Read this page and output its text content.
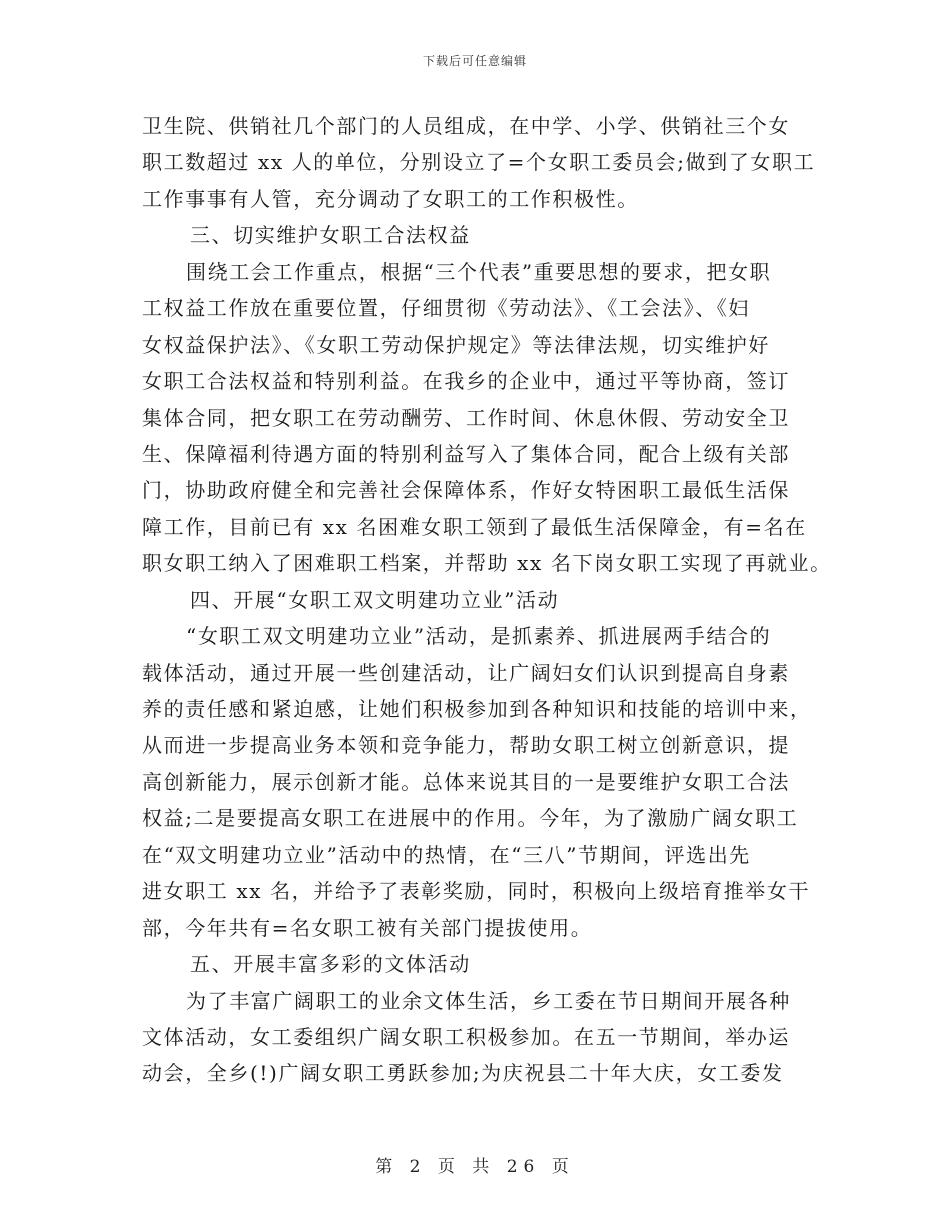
下载后可任意编辑
卫生院、供销社几个部门的人员组成，在中学、小学、供销社三个女
职工数超过 xx 人的单位，分别设立了=个女职工委员会;做到了女职工
工作事事有人管，充分调动了女职工的工作积极性。
三、切实维护女职工合法权益
围绕工会工作重点，根据“三个代表”重要思想的要求，把女职
工权益工作放在重要位置，仔细贯彻《劳动法》、《工会法》、《妇
女权益保护法》、《女职工劳动保护规定》等法律法规，切实维护好
女职工合法权益和特别利益。在我乡的企业中，通过平等协商，签订
集体合同，把女职工在劳动酬劳、工作时间、休息休假、劳动安全卫
生、保障福利待遇方面的特别利益写入了集体合同，配合上级有关部
门，协助政府健全和完善社会保障体系，作好女特困职工最低生活保
障工作，目前已有 xx 名困难女职工领到了最低生活保障金，有=名在
职女职工纳入了困难职工档案，并帮助 xx 名下岗女职工实现了再就业。
四、开展“女职工双文明建功立业”活动
“女职工双文明建功立业”活动，是抓素养、抓进展两手结合的
载体活动，通过开展一些创建活动，让广阔妇女们认识到提高自身素
养的责任感和紧迫感，让她们积极参加到各种知识和技能的培训中来，
从而进一步提高业务本领和竞争能力，帮助女职工树立创新意识，提
高创新能力，展示创新才能。总体来说其目的一是要维护女职工合法
权益;二是要提高女职工在进展中的作用。今年，为了激励广阔女职工
在“双文明建功立业”活动中的热情，在“三八”节期间，评选出先
进女职工 xx 名，并给予了表彰奖励，同时，积极向上级培育推举女干
部，今年共有=名女职工被有关部门提拔使用。
五、开展丰富多彩的文体活动
为了丰富广阔职工的业余文体生活，乡工委在节日期间开展各种
文体活动，女工委组织广阔女职工积极参加。在五一节期间，举办运
动会，全乡(!)广阔女职工勇跃参加;为庆祝县二十年大庆，女工委发
第 2 页 共 26 页
